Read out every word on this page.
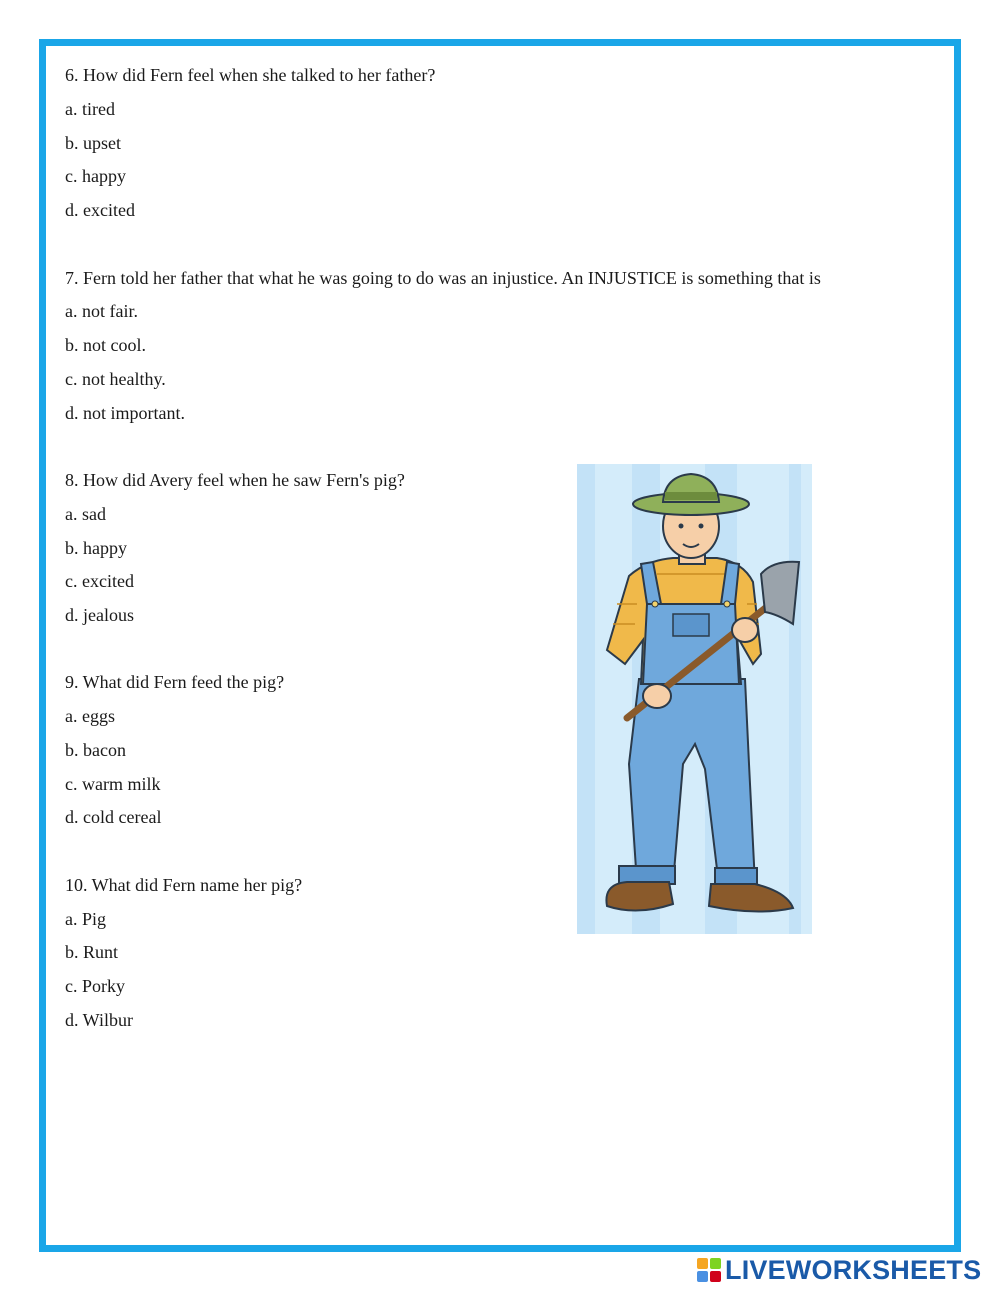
6. How did Fern feel when she talked to her father?
a. tired
b. upset
c. happy
d. excited
7. Fern told her father that what he was going to do was an injustice. An INJUSTICE is something that is
a. not fair.
b. not cool.
c. not healthy.
d. not important.
8. How did Avery feel when he saw Fern's pig?
a. sad
b. happy
c. excited
d. jealous
9. What did Fern feed the pig?
a. eggs
b. bacon
c. warm milk
d. cold cereal
10. What did Fern name her pig?
a. Pig
b. Runt
c. Porky
d. Wilbur
LIVEWORKSHEETS
